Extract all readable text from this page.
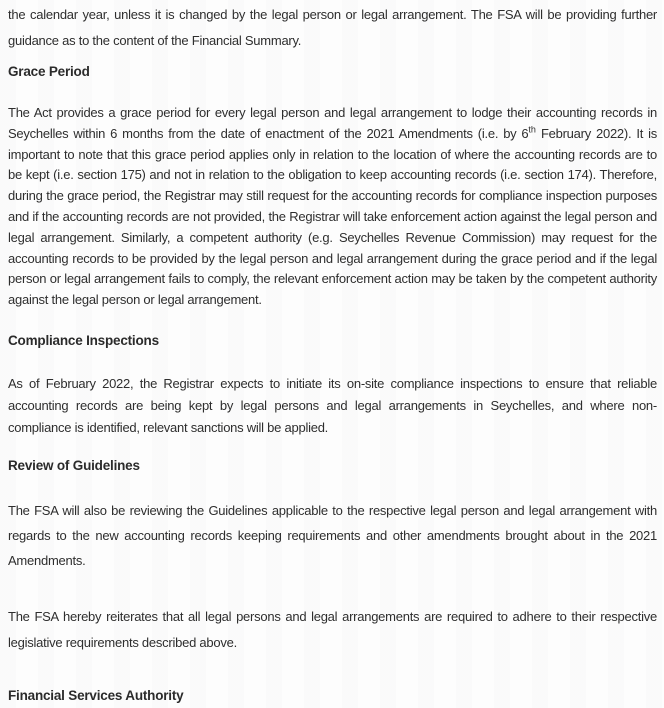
the calendar year, unless it is changed by the legal person or legal arrangement. The FSA will be providing further guidance as to the content of the Financial Summary.

Grace Period

The Act provides a grace period for every legal person and legal arrangement to lodge their accounting records in Seychelles within 6 months from the date of enactment of the 2021 Amendments (i.e. by 6th February 2022). It is important to note that this grace period applies only in relation to the location of where the accounting records are to be kept (i.e. section 175) and not in relation to the obligation to keep accounting records (i.e. section 174). Therefore, during the grace period, the Registrar may still request for the accounting records for compliance inspection purposes and if the accounting records are not provided, the Registrar will take enforcement action against the legal person and legal arrangement. Similarly, a competent authority (e.g. Seychelles Revenue Commission) may request for the accounting records to be provided by the legal person and legal arrangement during the grace period and if the legal person or legal arrangement fails to comply, the relevant enforcement action may be taken by the competent authority against the legal person or legal arrangement.

Compliance Inspections

As of February 2022, the Registrar expects to initiate its on-site compliance inspections to ensure that reliable accounting records are being kept by legal persons and legal arrangements in Seychelles, and where non-compliance is identified, relevant sanctions will be applied.

Review of Guidelines

The FSA will also be reviewing the Guidelines applicable to the respective legal person and legal arrangement with regards to the new accounting records keeping requirements and other amendments brought about in the 2021 Amendments.

The FSA hereby reiterates that all legal persons and legal arrangements are required to adhere to their respective legislative requirements described above.

Financial Services Authority
